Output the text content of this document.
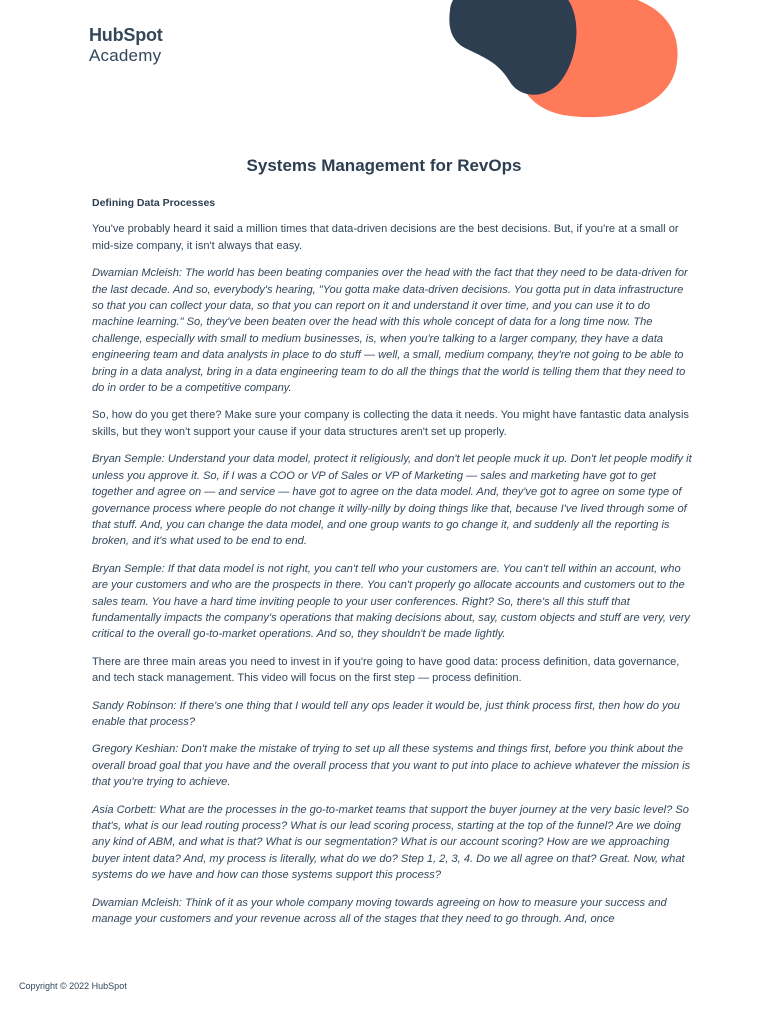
HubSpot
Academy
Systems Management for RevOps
Defining Data Processes

You've probably heard it said a million times that data-driven decisions are the best decisions. But, if you're at a small or mid-size company, it isn't always that easy.

Dwamian Mcleish: The world has been beating companies over the head with the fact that they need to be data-driven for the last decade. And so, everybody's hearing, "You gotta make data-driven decisions. You gotta put in data infrastructure so that you can collect your data, so that you can report on it and understand it over time, and you can use it to do machine learning." So, they've been beaten over the head with this whole concept of data for a long time now. The challenge, especially with small to medium businesses, is, when you're talking to a larger company, they have a data engineering team and data analysts in place to do stuff — well, a small, medium company, they're not going to be able to bring in a data analyst, bring in a data engineering team to do all the things that the world is telling them that they need to do in order to be a competitive company.

So, how do you get there? Make sure your company is collecting the data it needs. You might have fantastic data analysis skills, but they won't support your cause if your data structures aren't set up properly.

Bryan Semple: Understand your data model, protect it religiously, and don't let people muck it up. Don't let people modify it unless you approve it. So, if I was a COO or VP of Sales or VP of Marketing — sales and marketing have got to get together and agree on — and service — have got to agree on the data model. And, they've got to agree on some type of governance process where people do not change it willy-nilly by doing things like that, because I've lived through some of that stuff. And, you can change the data model, and one group wants to go change it, and suddenly all the reporting is broken, and it's what used to be end to end.

Bryan Semple: If that data model is not right, you can't tell who your customers are. You can't tell within an account, who are your customers and who are the prospects in there. You can't properly go allocate accounts and customers out to the sales team. You have a hard time inviting people to your user conferences. Right? So, there's all this stuff that fundamentally impacts the company's operations that making decisions about, say, custom objects and stuff are very, very critical to the overall go-to-market operations. And so, they shouldn't be made lightly.

There are three main areas you need to invest in if you're going to have good data: process definition, data governance, and tech stack management. This video will focus on the first step — process definition.

Sandy Robinson: If there's one thing that I would tell any ops leader it would be, just think process first, then how do you enable that process?

Gregory Keshian: Don't make the mistake of trying to set up all these systems and things first, before you think about the overall broad goal that you have and the overall process that you want to put into place to achieve whatever the mission is that you're trying to achieve.

Asia Corbett: What are the processes in the go-to-market teams that support the buyer journey at the very basic level? So that's, what is our lead routing process? What is our lead scoring process, starting at the top of the funnel? Are we doing any kind of ABM, and what is that? What is our segmentation? What is our account scoring? How are we approaching buyer intent data? And, my process is literally, what do we do? Step 1, 2, 3, 4. Do we all agree on that? Great. Now, what systems do we have and how can those systems support this process?

Dwamian Mcleish: Think of it as your whole company moving towards agreeing on how to measure your success and manage your customers and your revenue across all of the stages that they need to go through. And, once

Copyright © 2022 HubSpot
